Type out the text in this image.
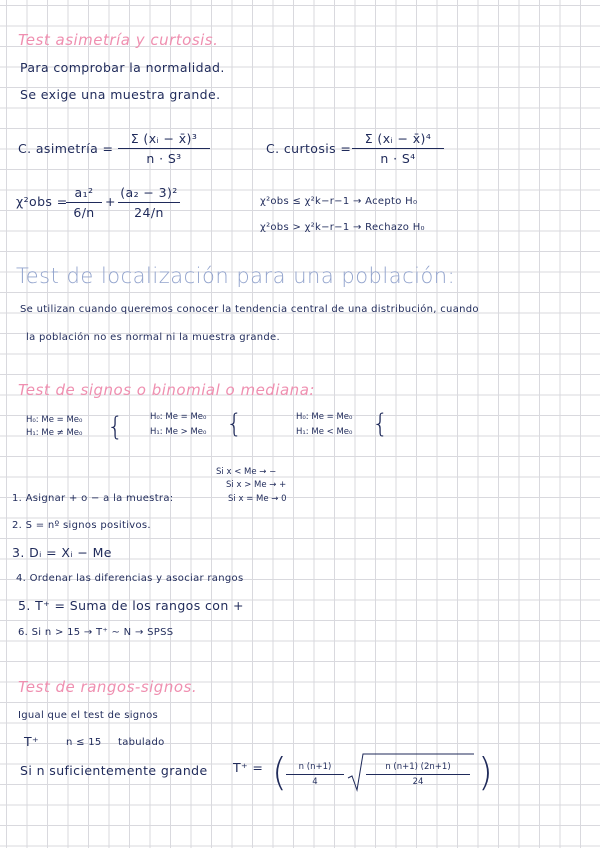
Test asimetría y curtosis.
Para comprobar la normalidad.
Se exige una muestra grande.
C. asimetría =
Σ (xᵢ − x̄)³
n · S³
C. curtosis =
Σ (xᵢ − x̄)⁴
n · S⁴
χ²obs =
a₁²
6/n
+
(a₂ − 3)²
24/n
χ²obs ≤ χ²k−r−1 → Acepto H₀
χ²obs > χ²k−r−1 → Rechazo H₀
Test de localización para una población:
Se utilizan cuando queremos conocer la tendencia central de una distribución, cuando
la población no es normal ni la muestra grande.
Test de signos o binomial o mediana:
H₀: Me = Me₀
H₁: Me ≠ Me₀ {	H₀: Me = Me₀
H₁: Me > Me₀ {	H₀: Me = Me₀
H₁: Me < Me₀ {
Si x < Me → −
Si x > Me → +
1. Asignar + o − a la muestra:	Si x = Me → 0
2. S = nº signos positivos.
3. Dᵢ = Xᵢ − Me
4. Ordenar las diferencias y asociar rangos
5. T⁺ = Suma de los rangos con +
6. Si n > 15 → T⁺ ∼ N → SPSS
Test de rangos-signos.
Igual que el test de signos
T⁺	n ≤ 15 tabulado
Si n suficientemente grande T⁺ = (	n (n+1)
4
n (n+1) (2n+1)
24	)
